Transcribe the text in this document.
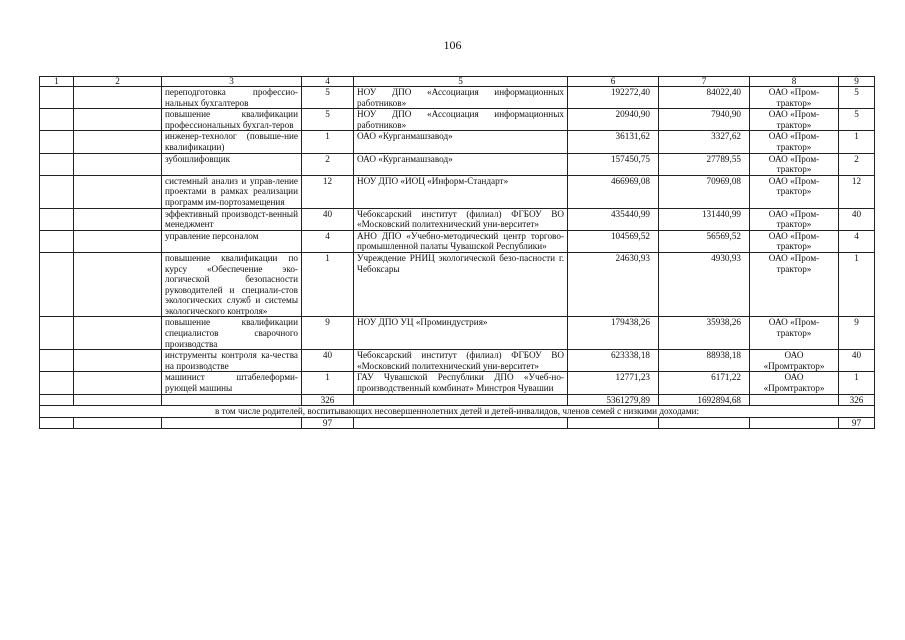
106
1	2	3	4	5	6	7	8	9
		переподготовка профессио-нальных бухгалтеров	5	НОУ ДПО «Ассоциация информационных работников»	192272,40	84022,40	ОАО «Пром-трактор»	5
		повышение квалификации профессиональных бухгал-теров	5	НОУ ДПО «Ассоциация информационных работников»	20940,90	7940,90	ОАО «Пром-трактор»	5
		инженер-технолог (повыше-ние квалификации)	1	ОАО «Курганмашзавод»	36131,62	3327,62	ОАО «Пром-трактор»	1
		зубошлифовщик	2	ОАО «Курганмашзавод»	157450,75	27789,55	ОАО «Пром-трактор»	2
		системный анализ и управ-ление проектами в рамках реализации программ им-портозамещения	12	НОУ ДПО «ИОЦ «Информ-Стандарт»	466969,08	70969,08	ОАО «Пром-трактор»	12
		эффективный производст-венный менеджмент	40	Чебоксарский институт (филиал) ФГБОУ ВО «Московский политехнический уни-верситет»	435440,99	131440,99	ОАО «Пром-трактор»	40
		управление персоналом	4	АНО ДПО «Учебно-методический центр торгово-промышленной палаты Чувашской Республики»	104569,52	56569,52	ОАО «Пром-трактор»	4
		повышение квалификации по курсу «Обеспечение эко-логической безопасности руководителей и специали-стов экологических служб и системы экологического контроля»	1	Учреждение РНИЦ экологической безо-пасности г. Чебоксары	24630,93	4930,93	ОАО «Пром-трактор»	1
		повышение квалификации специалистов сварочного производства	9	НОУ ДПО УЦ «Проминдустрия»	179438,26	35938,26	ОАО «Пром-трактор»	9
		инструменты контроля ка-чества на производстве	40	Чебоксарский институт (филиал) ФГБОУ ВО «Московский политехнический уни-верситет»	623338,18	88938,18	ОАО «Промтрактор»	40
		машинист штабелеформи-рующей машины	1	ГАУ Чувашской Республики ДПО «Учеб-но-производственный комбинат» Минстроя Чувашии	12771,23	6171,22	ОАО «Промтрактор»	1
			326		5361279,89	1692894,68		326
в том числе родителей, воспитывающих несовершеннолетних детей и детей-инвалидов, членов семей с низкими доходами:								
			97					97
